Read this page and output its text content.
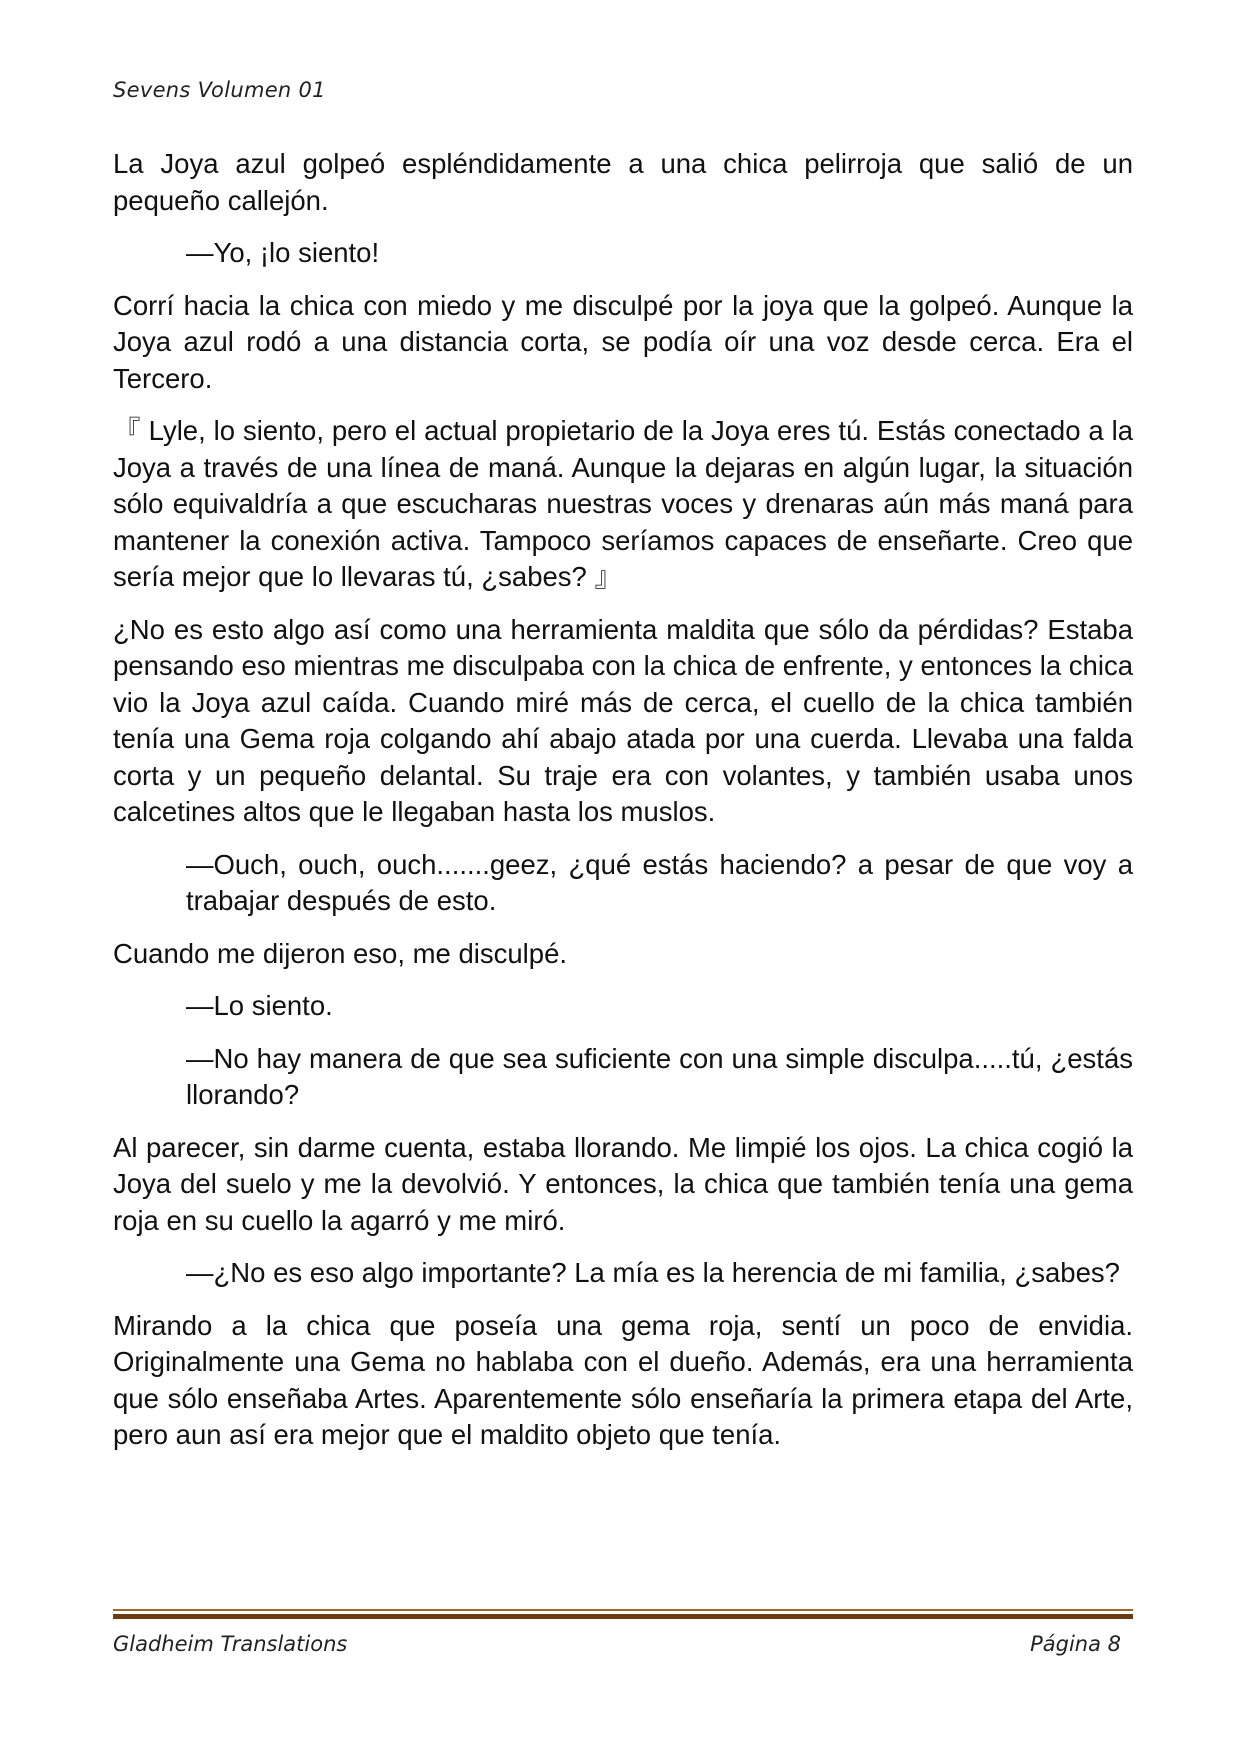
Sevens Volumen 01

La Joya azul golpeó espléndidamente a una chica pelirroja que salió de un pequeño callejón.

—Yo, ¡lo siento!

Corrí hacia la chica con miedo y me disculpé por la joya que la golpeó. Aunque la Joya azul rodó a una distancia corta, se podía oír una voz desde cerca. Era el Tercero.

『 Lyle, lo siento, pero el actual propietario de la Joya eres tú. Estás conectado a la Joya a través de una línea de maná. Aunque la dejaras en algún lugar, la situación sólo equivaldría a que escucharas nuestras voces y drenaras aún más maná para mantener la conexión activa. Tampoco seríamos capaces de enseñarte. Creo que sería mejor que lo llevaras tú, ¿sabes? 』

¿No es esto algo así como una herramienta maldita que sólo da pérdidas? Estaba pensando eso mientras me disculpaba con la chica de enfrente, y entonces la chica vio la Joya azul caída. Cuando miré más de cerca, el cuello de la chica también tenía una Gema roja colgando ahí abajo atada por una cuerda. Llevaba una falda corta y un pequeño delantal. Su traje era con volantes, y también usaba unos calcetines altos que le llegaban hasta los muslos.

—Ouch, ouch, ouch.......geez, ¿qué estás haciendo? a pesar de que voy a trabajar después de esto.

Cuando me dijeron eso, me disculpé.

—Lo siento.

—No hay manera de que sea suficiente con una simple disculpa.....tú, ¿estás llorando?

Al parecer, sin darme cuenta, estaba llorando. Me limpié los ojos. La chica cogió la Joya del suelo y me la devolvió. Y entonces, la chica que también tenía una gema roja en su cuello la agarró y me miró.

—¿No es eso algo importante? La mía es la herencia de mi familia, ¿sabes?

Mirando a la chica que poseía una gema roja, sentí un poco de envidia. Originalmente una Gema no hablaba con el dueño. Además, era una herramienta que sólo enseñaba Artes. Aparentemente sólo enseñaría la primera etapa del Arte, pero aun así era mejor que el maldito objeto que tenía.

Gladheim Translations	Página 8
